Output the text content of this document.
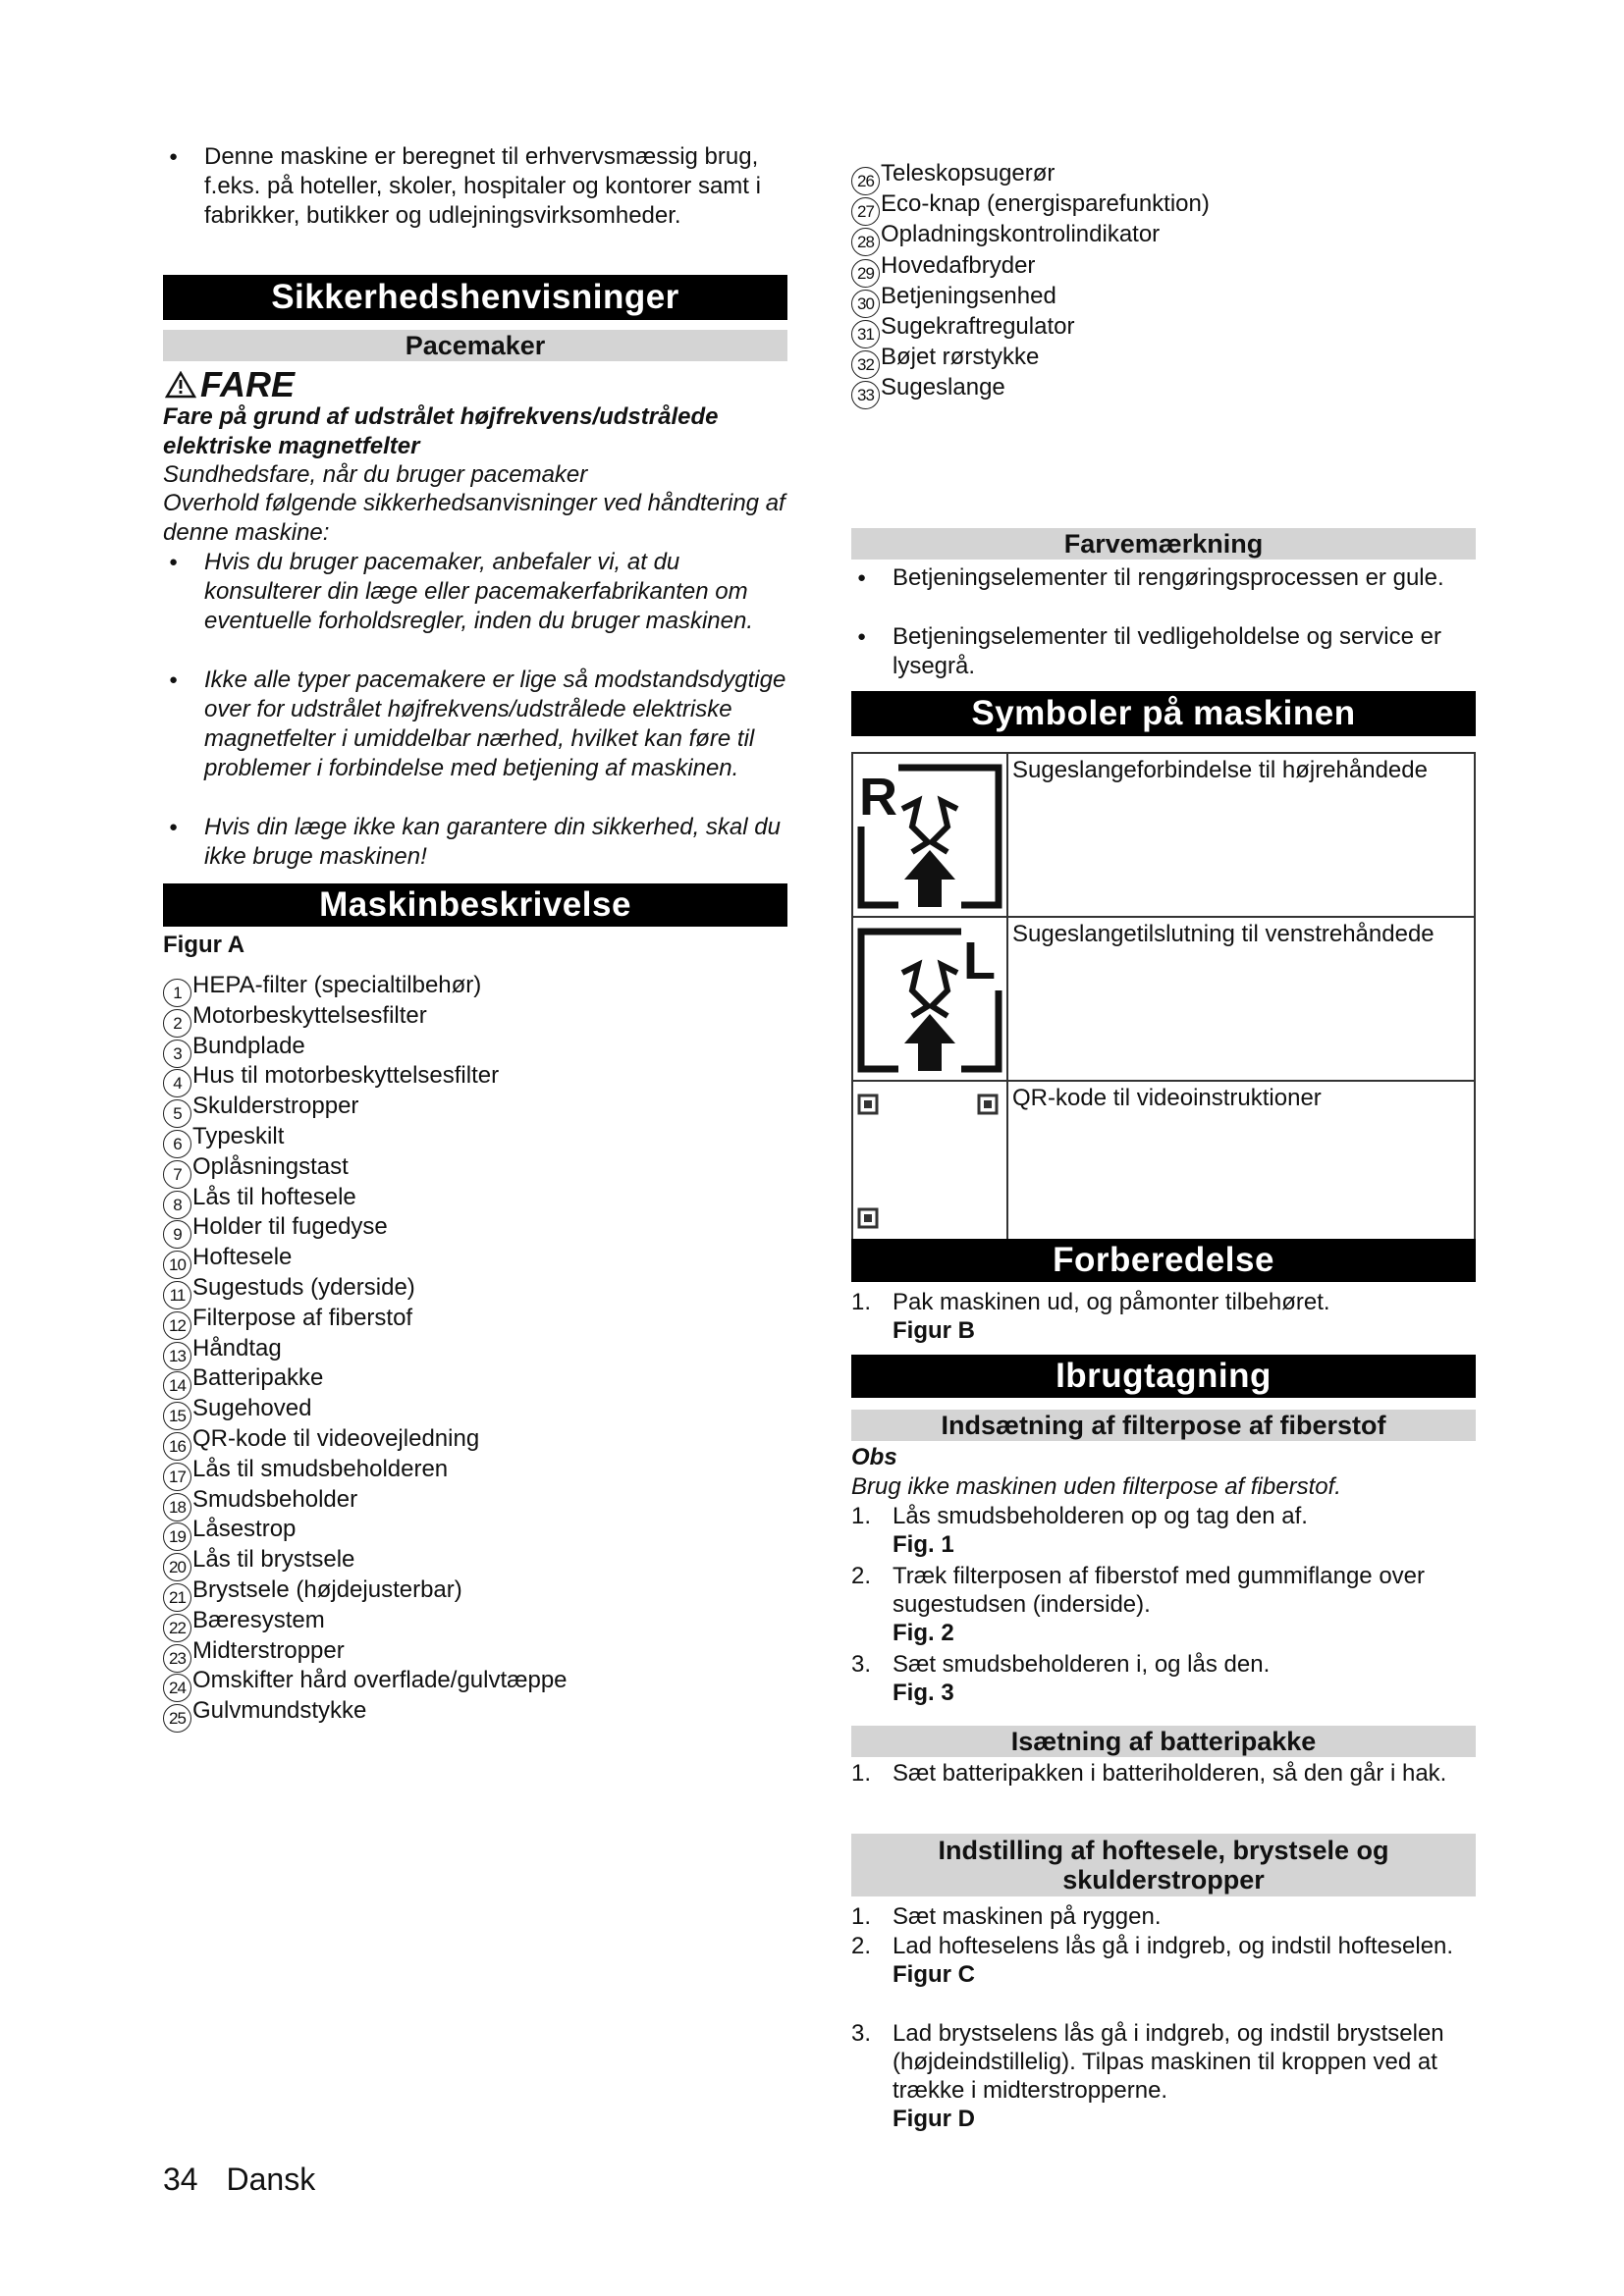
● Denne maskine er beregnet til erhvervsmæssig brug, f.eks. på hoteller, skoler, hospitaler og kontorer samt i fabrikker, butikker og udlejningsvirksomheder.

Sikkerhedshenvisninger
Pacemaker
FARE

Fare på grund af udstrålet højfrekvens/udstrålede elektriske magnetfelter

Sundhedsfare, når du bruger pacemaker

Overhold følgende sikkerhedsanvisninger ved håndtering af denne maskine:

● Hvis du bruger pacemaker, anbefaler vi, at du konsulterer din læge eller pacemakerfabrikanten om eventuelle forholdsregler, inden du bruger maskinen.

● Ikke alle typer pacemakere er lige så modstandsdygtige over for udstrålet højfrekvens/udstrålede elektriske magnetfelter i umiddelbar nærhed, hvilket kan føre til problemer i forbindelse med betjening af maskinen.

● Hvis din læge ikke kan garantere din sikkerhed, skal du ikke bruge maskinen!

Maskinbeskrivelse

Figur A

1 HEPA-filter (specialtilbehør)
2 Motorbeskyttelsesfilter
3 Bundplade
4 Hus til motorbeskyttelsesfilter
5 Skulderstropper
6 Typeskilt
7 Oplåsningstast
8 Lås til hoftesele
9 Holder til fugedyse
10 Hoftesele
11 Sugestuds (yderside)
12 Filterpose af fiberstof
13 Håndtag
14 Batteripakke
15 Sugehoved
16 QR-kode til videovejledning
17 Lås til smudsbeholderen
18 Smudsbeholder
19 Låsestrop
20 Lås til brystsele
21 Brystsele (højdejusterbar)
22 Bæresystem
23 Midterstropper
24 Omskifter hård overflade/gulvtæppe
25 Gulvmundstykke
34 Dansk
26 Teleskopsugerør
27 Eco-knap (energisparefunktion)
28 Opladningskontrolindikator
29 Hovedafbryder
30 Betjeningsenhed
31 Sugekraftregulator
32 Bøjet rørstykke
33 Sugeslange
Farvemærkning

● Betjeningselementer til rengøringsprocessen er gule.

● Betjeningselementer til vedligeholdelse og service er lysegrå.

Symboler på maskinen
R	Sugeslangeforbindelse til højrehåndede

L	Sugeslangetilslutning til venstrehåndede
	QR-kode til videoinstruktioner
Forberedelse
1. Pak maskinen ud, og påmonter tilbehøret.
Figur B
Ibrugtagning
Indsætning af filterpose af fiberstof

Obs

Brug ikke maskinen uden filterpose af fiberstof.

1. Lås smudsbeholderen op og tag den af.
Fig. 1
2. Træk filterposen af fiberstof med gummiflange over sugestudsen (inderside).
Fig. 2
3. Sæt smudsbeholderen i, og lås den.
Fig. 3
Isætning af batteripakke
1. Sæt batteripakken i batteriholderen, så den går i hak.
Indstilling af hoftesele, brystsele og skulderstropper
1. Sæt maskinen på ryggen.
2. Lad hofteselens lås gå i indgreb, og indstil hofteselen.
Figur C
3. Lad brystselens lås gå i indgreb, og indstil brystselen (højdeindstillelig). Tilpas maskinen til kroppen ved at trække i midterstropperne.
Figur D
